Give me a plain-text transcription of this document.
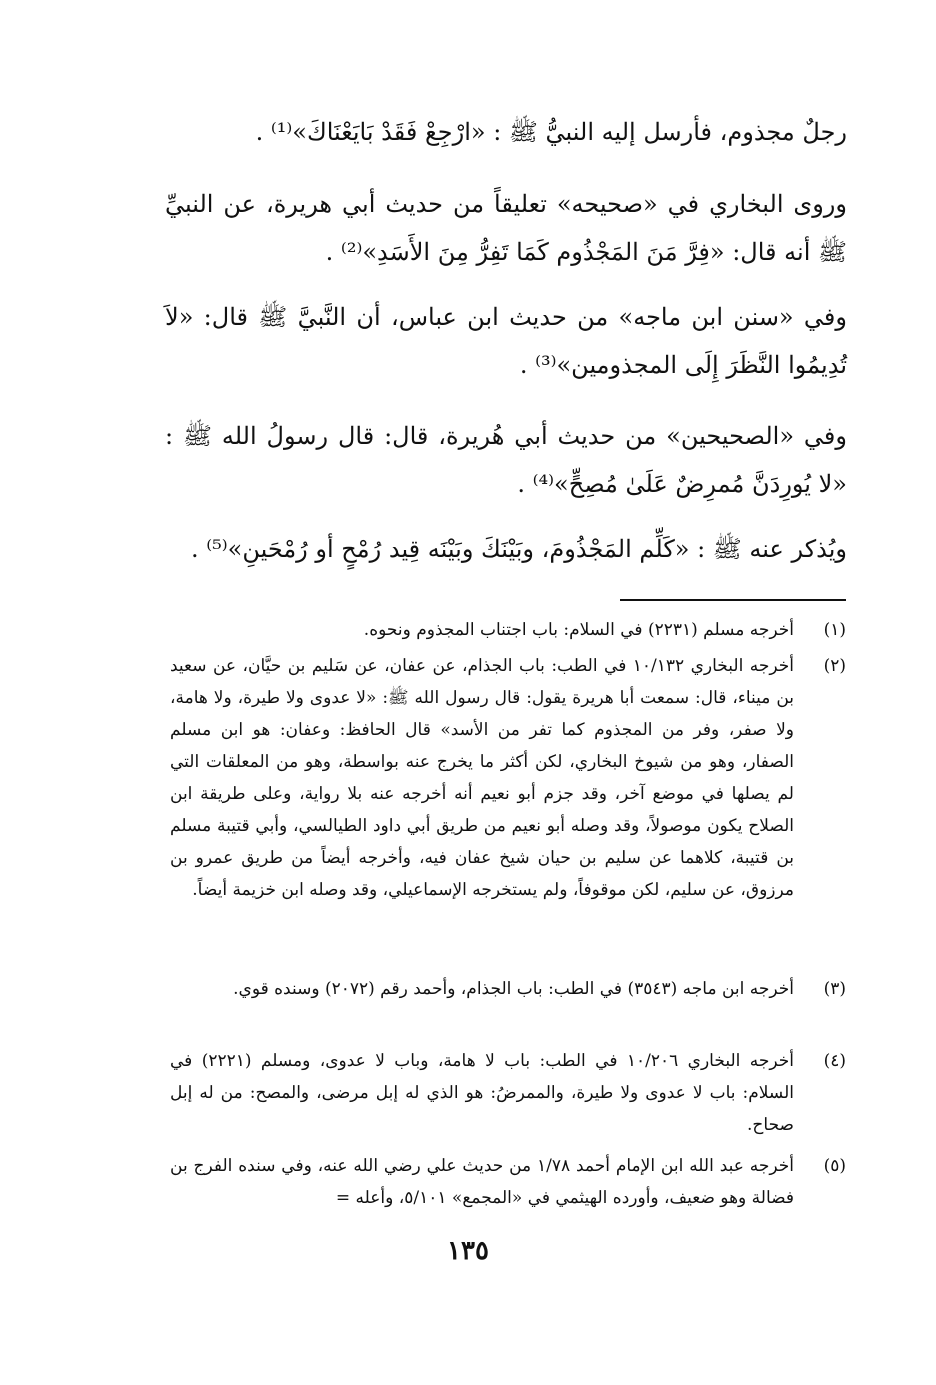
رجلٌ مجذوم، فأرسل إليه النبيُّ ﷺ : «ارْجِعْ فَقَدْ بَايَعْنَاكَ»⁽¹⁾ .

وروى البخاري في «صحيحه» تعليقاً من حديث أبي هريرة، عن النبيِّ ﷺ أنه قال: «فِرَّ مَنَ المَجْذُوم كَمَا تَفِرُّ مِنَ الأَسَدِ»⁽²⁾ .

وفي «سنن ابن ماجه» من حديث ابن عباس، أن النَّبيَّ ﷺ قال: «لاَ تُدِيمُوا النَّظَرَ إِلَى المجذومين»⁽³⁾ .

وفي «الصحيحين» من حديث أبي هُريرة، قال: قال رسولُ الله ﷺ : «لا يُورِدَنَّ مُمرِضٌ عَلَىٰ مُصِحٍّ»⁽⁴⁾ .

ويُذكر عنه ﷺ : «كَلِّم المَجْذُومَ، وبَيْنَكَ وبَيْنَه قِيد رُمْحٍ أو رُمْحَينِ»⁽⁵⁾ .

(١)
أخرجه مسلم (٢٢٣١) في السلام: باب اجتناب المجذوم ونحوه.
(٢)
أخرجه البخاري ١٠/١٣٢ في الطب: باب الجذام، عن عفان، عن سَليم بن حيَّان، عن سعيد بن ميناء، قال: سمعت أبا هريرة يقول: قال رسول الله ﷺ: «لا عدوى ولا طيرة، ولا هامة، ولا صفر، وفر من المجذوم كما تفر من الأسد» قال الحافظ: وعفان: هو ابن مسلم الصفار، وهو من شيوخ البخاري، لكن أكثر ما يخرج عنه بواسطة، وهو من المعلقات التي لم يصلها في موضع آخر، وقد جزم أبو نعيم أنه أخرجه عنه بلا رواية، وعلى طريقة ابن الصلاح يكون موصولاً، وقد وصله أبو نعيم من طريق أبي داود الطيالسي، وأبي قتيبة مسلم بن قتيبة، كلاهما عن سليم بن حيان شيخ عفان فيه، وأخرجه أيضاً من طريق عمرو بن مرزوق، عن سليم، لكن موقوفاً، ولم يستخرجه الإسماعيلي، وقد وصله ابن خزيمة أيضاً.
(٣)
أخرجه ابن ماجه (٣٥٤٣) في الطب: باب الجذام، وأحمد رقم (٢٠٧٢) وسنده قوي.
(٤)
أخرجه البخاري ١٠/٢٠٦ في الطب: باب لا هامة، وباب لا عدوى، ومسلم (٢٢٢١) في السلام: باب لا عدوى ولا طيرة، والممرضُ: هو الذي له إبل مرضى، والمصح: من له إبل صحاح.
(٥)
أخرجه عبد الله ابن الإمام أحمد ١/٧٨ من حديث علي رضي الله عنه، وفي سنده الفرج بن فضالة وهو ضعيف، وأورده الهيثمي في «المجمع» ٥/١٠١، وأعله =
١٣٥
